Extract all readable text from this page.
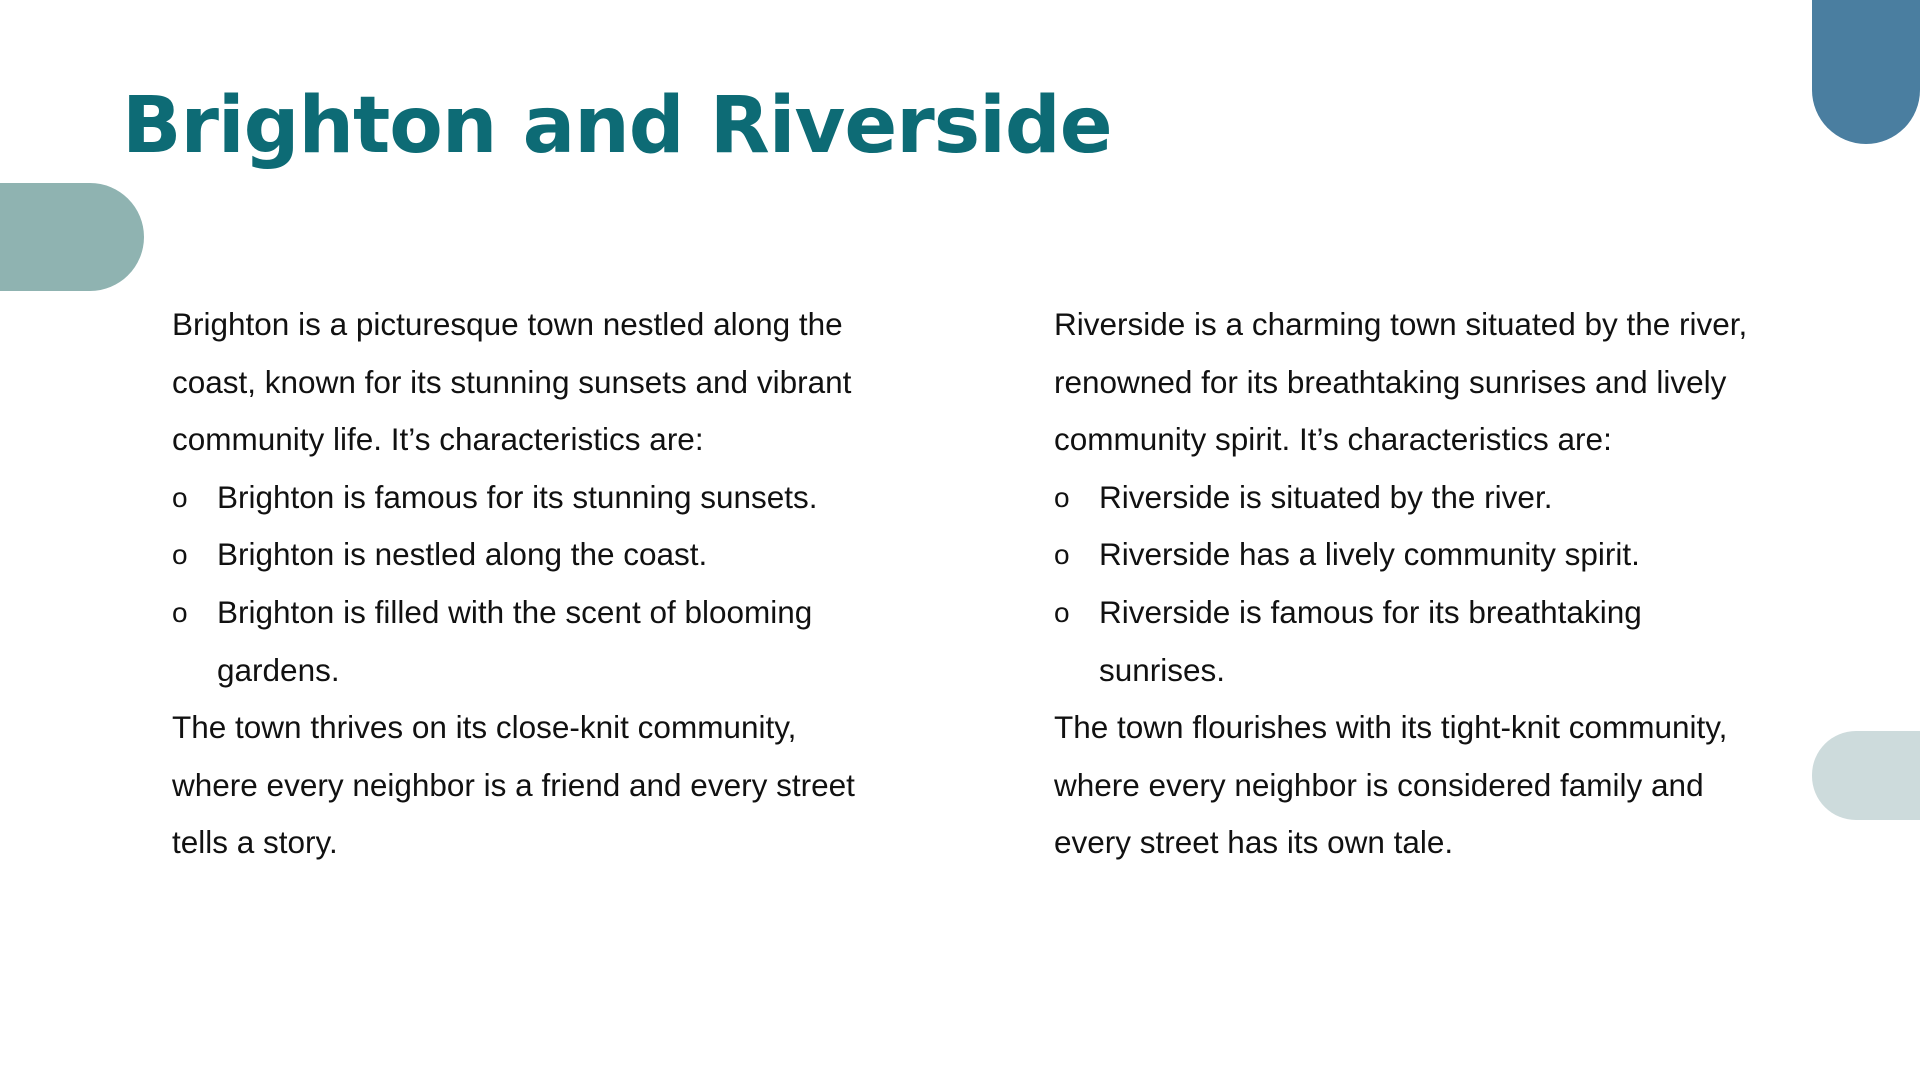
Brighton and Riverside

Brighton is a picturesque town nestled along the coast, known for its stunning sunsets and vibrant community life. It’s characteristics are:

o Brighton is famous for its stunning sunsets.
o Brighton is nestled along the coast.
o Brighton is filled with the scent of blooming gardens.

The town thrives on its close-knit community, where every neighbor is a friend and every street tells a story.

Riverside is a charming town situated by the river, renowned for its breathtaking sunrises and lively community spirit. It’s characteristics are:

o Riverside is situated by the river.
o Riverside has a lively community spirit.
o Riverside is famous for its breathtaking sunrises.

The town flourishes with its tight-knit community, where every neighbor is considered family and every street has its own tale.
